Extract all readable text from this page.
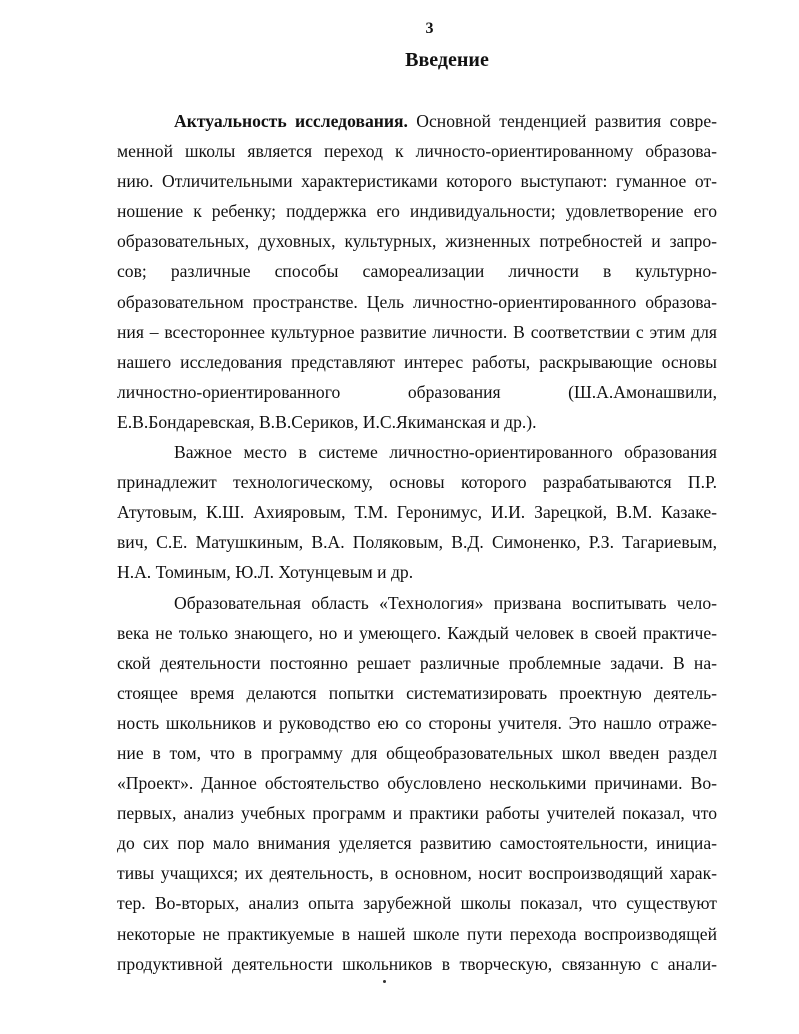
3
Введение
Актуальность исследования. Основной тенденцией развития совре-
менной школы является переход к личносто-ориентированному образова-
нию. Отличительными характеристиками которого выступают: гуманное от-
ношение к ребенку; поддержка его индивидуальности; удовлетворение его
образовательных, духовных, культурных, жизненных потребностей и запро-
сов; различные способы самореализации личности в культурно-
образовательном пространстве. Цель личностно-ориентированного образова-
ния – всестороннее культурное развитие личности. В соответствии с этим для
нашего исследования представляют интерес работы, раскрывающие основы
личностно-ориентированного образования (Ш.А.Амонашвили,
Е.В.Бондаревская, В.В.Сериков, И.С.Якиманская и др.).
Важное место в системе личностно-ориентированного образования
принадлежит технологическому, основы которого разрабатываются П.Р.
Атутовым, К.Ш. Ахияровым, Т.М. Геронимус, И.И. Зарецкой, В.М. Казаке-
вич, С.Е. Матушкиным, В.А. Поляковым, В.Д. Симоненко, Р.З. Тагариевым,
Н.А. Томиным, Ю.Л. Хотунцевым и др.
Образовательная область «Технология» призвана воспитывать чело-
века не только знающего, но и умеющего. Каждый человек в своей практиче-
ской деятельности постоянно решает различные проблемные задачи. В на-
стоящее время делаются попытки систематизировать проектную деятель-
ность школьников и руководство ею со стороны учителя. Это нашло отраже-
ние в том, что в программу для общеобразовательных школ введен раздел
«Проект». Данное обстоятельство обусловлено несколькими причинами. Во-
первых, анализ учебных программ и практики работы учителей показал, что
до сих пор мало внимания уделяется развитию самостоятельности, инициа-
тивы учащихся; их деятельность, в основном, носит воспроизводящий харак-
тер. Во-вторых, анализ опыта зарубежной школы показал, что существуют
некоторые не практикуемые в нашей школе пути перехода воспроизводящей
продуктивной деятельности школьников в творческую, связанную с анали-
